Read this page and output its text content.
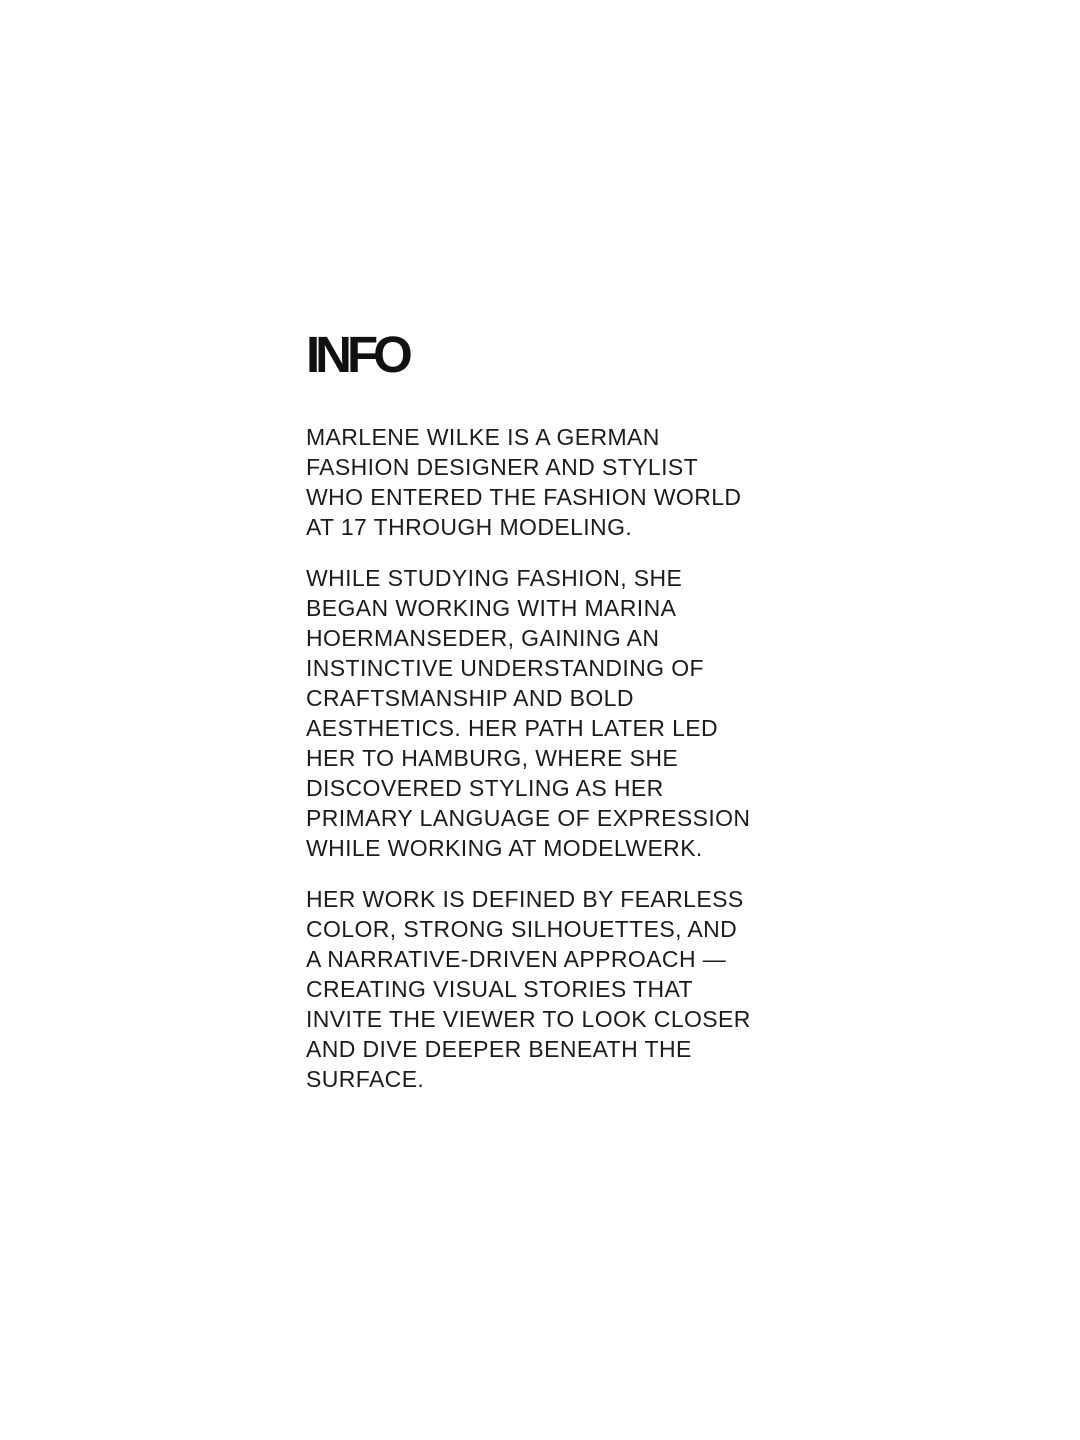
INFO

MARLENE WILKE IS A GERMAN
FASHION DESIGNER AND STYLIST
WHO ENTERED THE FASHION WORLD
AT 17 THROUGH MODELING.

WHILE STUDYING FASHION, SHE
BEGAN WORKING WITH MARINA
HOERMANSEDER, GAINING AN
INSTINCTIVE UNDERSTANDING OF
CRAFTSMANSHIP AND BOLD
AESTHETICS. HER PATH LATER LED
HER TO HAMBURG, WHERE SHE
DISCOVERED STYLING AS HER
PRIMARY LANGUAGE OF EXPRESSION
WHILE WORKING AT MODELWERK.

HER WORK IS DEFINED BY FEARLESS
COLOR, STRONG SILHOUETTES, AND
A NARRATIVE-DRIVEN APPROACH —
CREATING VISUAL STORIES THAT
INVITE THE VIEWER TO LOOK CLOSER
AND DIVE DEEPER BENEATH THE
SURFACE.
